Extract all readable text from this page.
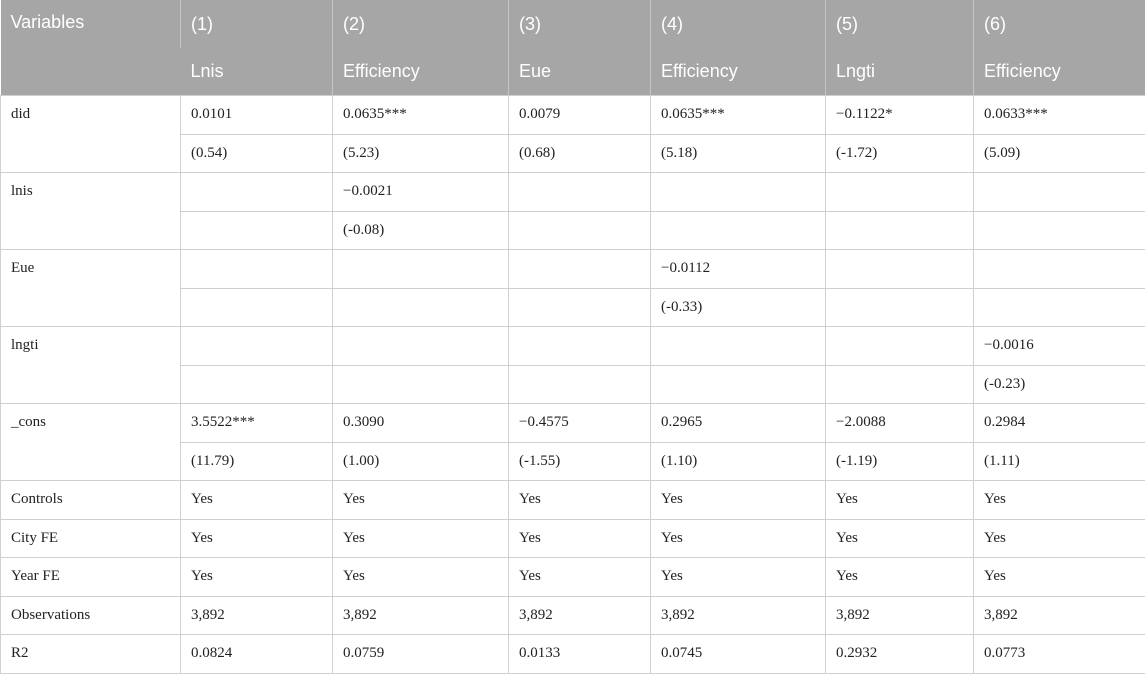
Variables	(1)	(2)	(3)	(4)	(5)	(6)
	Lnis	Efficiency	Eue	Efficiency	Lngti	Efficiency
did	0.0101	0.0635***	0.0079	0.0635***	−0.1122*	0.0633***
	(0.54)	(5.23)	(0.68)	(5.18)	(-1.72)	(5.09)
lnis		−0.0021				
		(-0.08)				
Eue				−0.0112		
				(-0.33)		
lngti						−0.0016
						(-0.23)
_cons	3.5522***	0.3090	−0.4575	0.2965	−2.0088	0.2984
	(11.79)	(1.00)	(-1.55)	(1.10)	(-1.19)	(1.11)
Controls	Yes	Yes	Yes	Yes	Yes	Yes
City FE	Yes	Yes	Yes	Yes	Yes	Yes
Year FE	Yes	Yes	Yes	Yes	Yes	Yes
Observations	3,892	3,892	3,892	3,892	3,892	3,892
R2	0.0824	0.0759	0.0133	0.0745	0.2932	0.0773
